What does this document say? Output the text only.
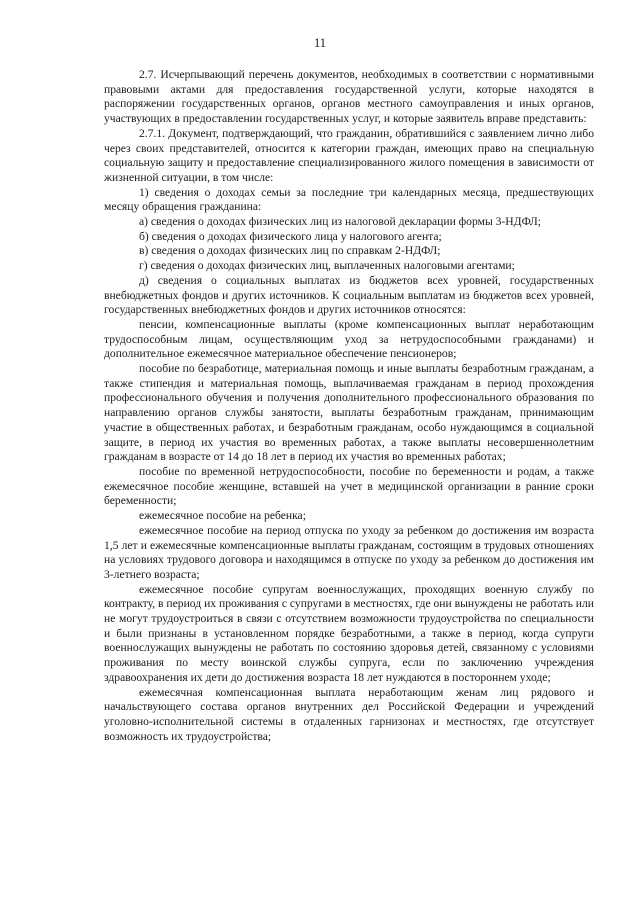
11

2.7. Исчерпывающий перечень документов, необходимых в соответствии с нормативными правовыми актами для предоставления государственной услуги, которые находятся в распоряжении государственных органов, органов местного самоуправления и иных органов, участвующих в предоставлении государственных услуг, и которые заявитель вправе представить:

2.7.1. Документ, подтверждающий, что гражданин, обратившийся с заявлением лично либо через своих представителей, относится к категории граждан, имеющих право на специальную социальную защиту и предоставление специализированного жилого помещения в зависимости от жизненной ситуации, в том числе:

1) сведения о доходах семьи за последние три календарных месяца, предшествующих месяцу обращения гражданина:

а) сведения о доходах физических лиц из налоговой декларации формы 3-НДФЛ;

б) сведения о доходах физического лица у налогового агента;

в) сведения о доходах физических лиц по справкам 2-НДФЛ;

г) сведения о доходах физических лиц, выплаченных налоговыми агентами;

д) сведения о социальных выплатах из бюджетов всех уровней, государственных внебюджетных фондов и других источников. К социальным выплатам из бюджетов всех уровней, государственных внебюджетных фондов и других источников относятся:

пенсии, компенсационные выплаты (кроме компенсационных выплат неработающим трудоспособным лицам, осуществляющим уход за нетрудоспособными гражданами) и дополнительное ежемесячное материальное обеспечение пенсионеров;

пособие по безработице, материальная помощь и иные выплаты безработным гражданам, а также стипендия и материальная помощь, выплачиваемая гражданам в период прохождения профессионального обучения и получения дополнительного профессионального образования по направлению органов службы занятости, выплаты безработным гражданам, принимающим участие в общественных работах, и безработным гражданам, особо нуждающимся в социальной защите, в период их участия во временных работах, а также выплаты несовершеннолетним гражданам в возрасте от 14 до 18 лет в период их участия во временных работах;

пособие по временной нетрудоспособности, пособие по беременности и родам, а также ежемесячное пособие женщине, вставшей на учет в медицинской организации в ранние сроки беременности;

ежемесячное пособие на ребенка;

ежемесячное пособие на период отпуска по уходу за ребенком до достижения им возраста 1,5 лет и ежемесячные компенсационные выплаты гражданам, состоящим в трудовых отношениях на условиях трудового договора и находящимся в отпуске по уходу за ребенком до достижения им 3-летнего возраста;

ежемесячное пособие супругам военнослужащих, проходящих военную службу по контракту, в период их проживания с супругами в местностях, где они вынуждены не работать или не могут трудоустроиться в связи с отсутствием возможности трудоустройства по специальности и были признаны в установленном порядке безработными, а также в период, когда супруги военнослужащих вынуждены не работать по состоянию здоровья детей, связанному с условиями проживания по месту воинской службы супруга, если по заключению учреждения здравоохранения их дети до достижения возраста 18 лет нуждаются в постороннем уходе;

ежемесячная компенсационная выплата неработающим женам лиц рядового и начальствующего состава органов внутренних дел Российской Федерации и учреждений уголовно-исполнительной системы в отдаленных гарнизонах и местностях, где отсутствует возможность их трудоустройства;
